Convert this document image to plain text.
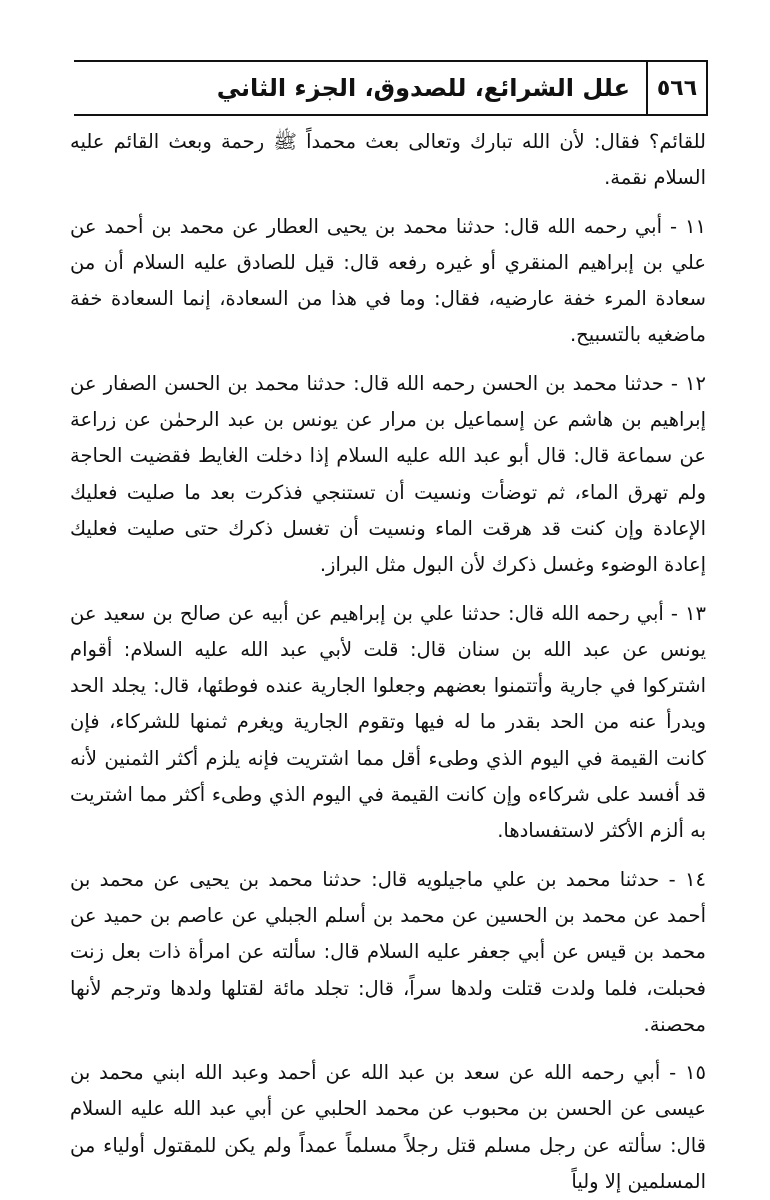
٥٦٦
علل الشرائع، للصدوق، الجزء الثاني

للقائم؟ فقال: لأن الله تبارك وتعالى بعث محمداً ﷺ رحمة وبعث القائم عليه السلام نقمة.

١١ - أبي رحمه الله قال: حدثنا محمد بن يحيى العطار عن محمد بن أحمد عن علي بن إبراهيم المنقري أو غيره رفعه قال: قيل للصادق عليه السلام أن من سعادة المرء خفة عارضيه، فقال: وما في هذا من السعادة، إنما السعادة خفة ماضغيه بالتسبيح.

١٢ - حدثنا محمد بن الحسن رحمه الله قال: حدثنا محمد بن الحسن الصفار عن إبراهيم بن هاشم عن إسماعيل بن مرار عن يونس بن عبد الرحمٰن عن زراعة عن سماعة قال: قال أبو عبد الله عليه السلام إذا دخلت الغايط فقضيت الحاجة ولم تهرق الماء، ثم توضأت ونسيت أن تستنجي فذكرت بعد ما صليت فعليك الإعادة وإن كنت قد هرقت الماء ونسيت أن تغسل ذكرك حتى صليت فعليك إعادة الوضوء وغسل ذكرك لأن البول مثل البراز.

١٣ - أبي رحمه الله قال: حدثنا علي بن إبراهيم عن أبيه عن صالح بن سعيد عن يونس عن عبد الله بن سنان قال: قلت لأبي عبد الله عليه السلام: أقوام اشتركوا في جارية وأتتمنوا بعضهم وجعلوا الجارية عنده فوطئها، قال: يجلد الحد ويدرأ عنه من الحد بقدر ما له فيها وتقوم الجارية ويغرم ثمنها للشركاء، فإن كانت القيمة في اليوم الذي وطىء أقل مما اشتريت فإنه يلزم أكثر الثمنين لأنه قد أفسد على شركاءه وإن كانت القيمة في اليوم الذي وطىء أكثر مما اشتريت به ألزم الأكثر لاستفسادها.

١٤ - حدثنا محمد بن علي ماجيلويه قال: حدثنا محمد بن يحيى عن محمد بن أحمد عن محمد بن الحسين عن محمد بن أسلم الجبلي عن عاصم بن حميد عن محمد بن قيس عن أبي جعفر عليه السلام قال: سألته عن امرأة ذات بعل زنت فحبلت، فلما ولدت قتلت ولدها سراً، قال: تجلد مائة لقتلها ولدها وترجم لأنها محصنة.

١٥ - أبي رحمه الله عن سعد بن عبد الله عن أحمد وعبد الله ابني محمد بن عيسى عن الحسن بن محبوب عن محمد الحلبي عن أبي عبد الله عليه السلام قال: سألته عن رجل مسلم قتل رجلاً مسلماً عمداً ولم يكن للمقتول أولياء من المسلمين إلا ولياً
